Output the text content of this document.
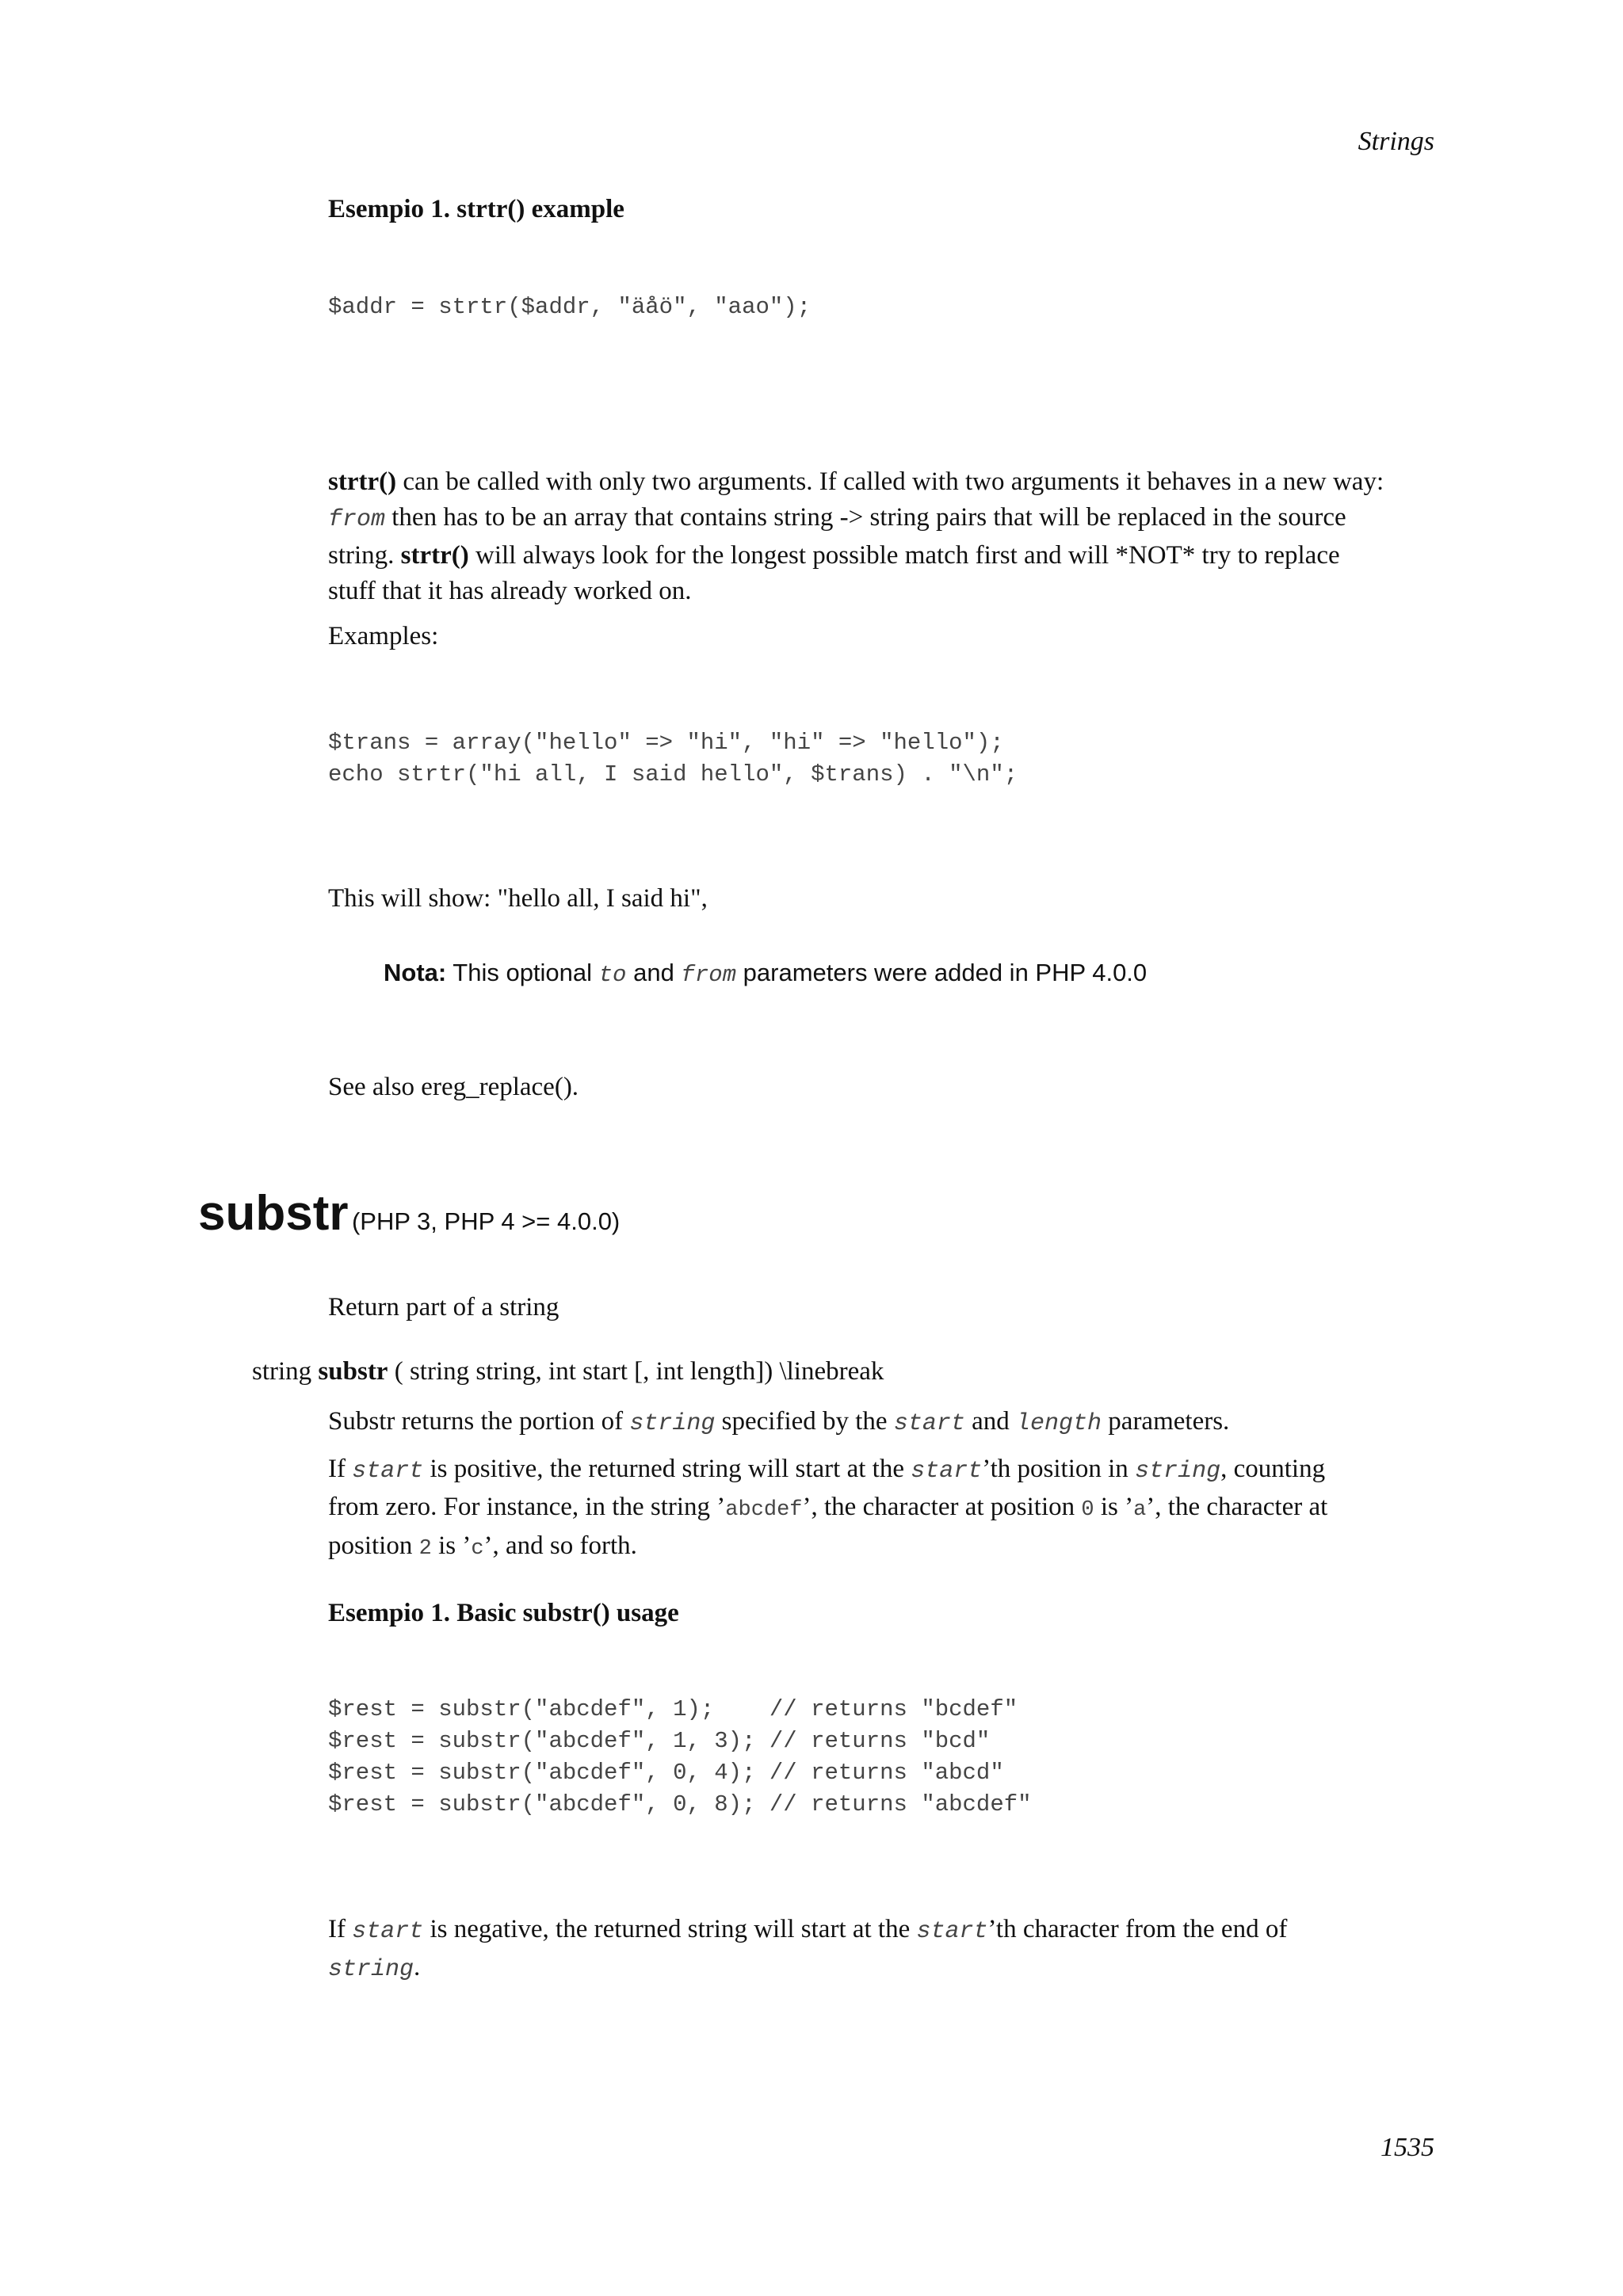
Strings
Esempio 1. strtr() example
$addr = strtr($addr, "äåö", "aao");
strtr() can be called with only two arguments. If called with two arguments it behaves in a new way:
from then has to be an array that contains string -> string pairs that will be replaced in the source
string. strtr() will always look for the longest possible match first and will *NOT* try to replace
stuff that it has already worked on.
Examples:
$trans = array("hello" => "hi", "hi" => "hello");
echo strtr("hi all, I said hello", $trans) . "\n";
This will show: "hello all, I said hi",
Nota: This optional to and from parameters were added in PHP 4.0.0
See also ereg_replace().
substr (PHP 3, PHP 4 >= 4.0.0)
Return part of a string
string substr ( string string, int start [, int length]) \linebreak
Substr returns the portion of string specified by the start and length parameters.
If start is positive, the returned string will start at the start’th position in string, counting
from zero. For instance, in the string ’abcdef’, the character at position 0 is ’a’, the character at
position 2 is ’c’, and so forth.
Esempio 1. Basic substr() usage
$rest = substr("abcdef", 1);    // returns "bcdef"
$rest = substr("abcdef", 1, 3); // returns "bcd"
$rest = substr("abcdef", 0, 4); // returns "abcd"
$rest = substr("abcdef", 0, 8); // returns "abcdef"
If start is negative, the returned string will start at the start’th character from the end of
string.
1535
